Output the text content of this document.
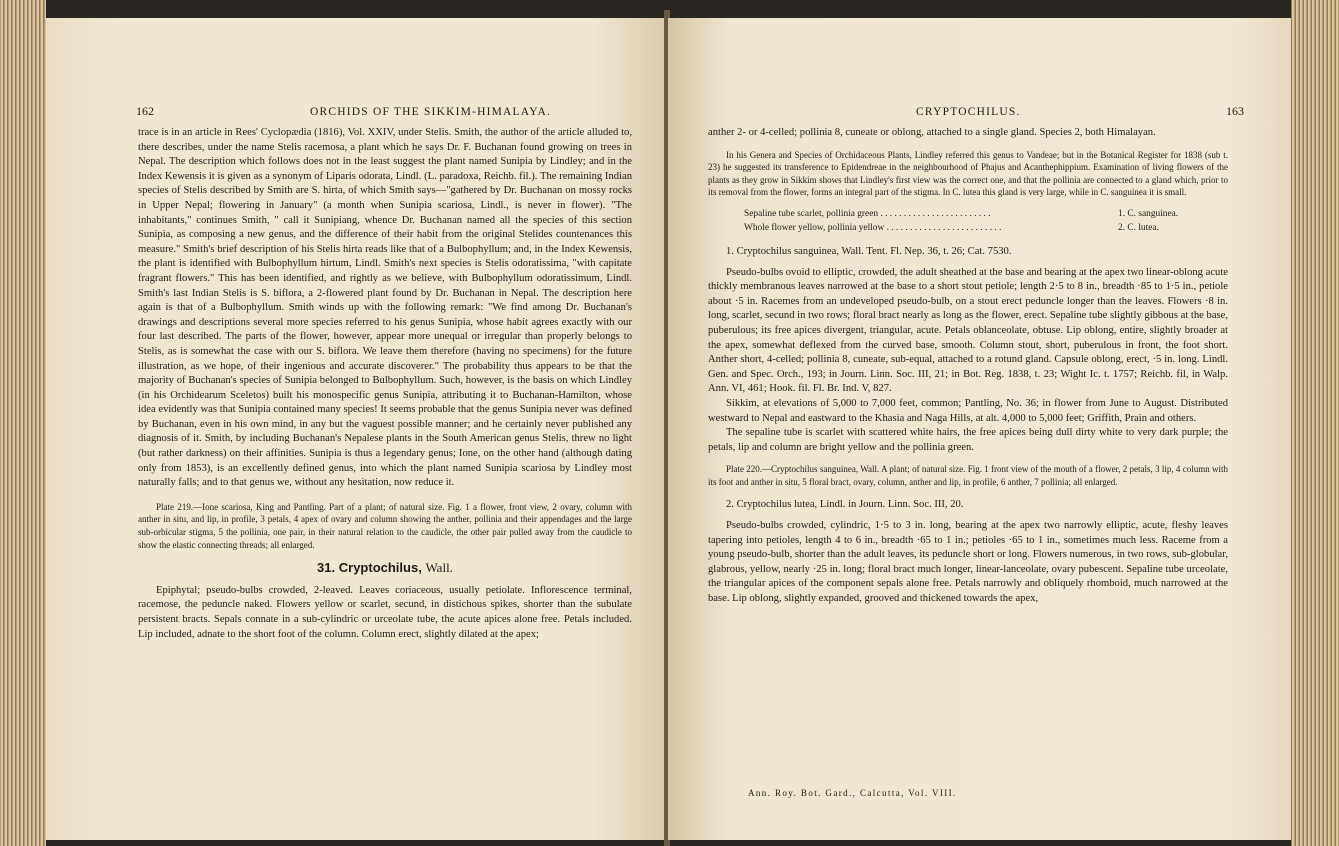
162	ORCHIDS OF THE SIKKIM-HIMALAYA.

trace is in an article in Rees' Cyclopædia (1816), Vol. XXIV, under Stelis. Smith, the author of the article alluded to, there describes, under the name Stelis racemosa, a plant which he says Dr. F. Buchanan found growing on trees in Nepal. The description which follows does not in the least suggest the plant named Sunipia by Lindley; and in the Index Kewensis it is given as a synonym of Liparis odorata, Lindl. (L. paradoxa, Reichb. fil.). The remaining Indian species of Stelis described by Smith are S. hirta, of which Smith says—"gathered by Dr. Buchanan on mossy rocks in Upper Nepal; flowering in January" (a month when Sunipia scariosa, Lindl., is never in flower). "The inhabitants," continues Smith, " call it Sunipiang, whence Dr. Buchanan named all the species of this section Sunipia, as composing a new genus, and the difference of their habit from the original Stelides countenances this measure." Smith's brief description of his Stelis hirta reads like that of a Bulbophyllum; and, in the Index Kewensis, the plant is identified with Bulbophyllum hirtum, Lindl. Smith's next species is Stelis odoratissima, "with capitate fragrant flowers." This has been identified, and rightly as we believe, with Bulbophyllum odoratissimum, Lindl. Smith's last Indian Stelis is S. biflora, a 2-flowered plant found by Dr. Buchanan in Nepal. The description here again is that of a Bulbophyllum. Smith winds up with the following remark: "We find among Dr. Buchanan's drawings and descriptions several more species referred to his genus Sunipia, whose habit agrees exactly with our four last described. The parts of the flower, however, appear more unequal or irregular than properly belongs to Stelis, as is somewhat the case with our S. biflora. We leave them therefore (having no specimens) for the future illustration, as we hope, of their ingenious and accurate discoverer." The probability thus appears to be that the majority of Buchanan's species of Sunipia belonged to Bulbophyllum. Such, however, is the basis on which Lindley (in his Orchidearum Sceletos) built his monospecific genus Sunipia, attributing it to Buchanan-Hamilton, whose idea evidently was that Sunipia contained many species! It seems probable that the genus Sunipia never was defined by Buchanan, even in his own mind, in any but the vaguest possible manner; and he certainly never published any diagnosis of it. Smith, by including Buchanan's Nepalese plants in the South American genus Stelis, threw no light (but rather darkness) on their affinities. Sunipia is thus a legendary genus; Ione, on the other hand (although dating only from 1853), is an excellently defined genus, into which the plant named Sunipia scariosa by Lindley most naturally falls; and to that genus we, without any hesitation, now reduce it.

Plate 219.—Ione scariosa, King and Pantling. Part of a plant; of natural size. Fig. 1 a flower, front view, 2 ovary, column with anther in situ, and lip, in profile, 3 petals, 4 apex of ovary and column showing the anther, pollinia and their appendages and the large sub-orbicular stigma, 5 the pollinia, one pair, in their natural relation to the caudicle, the other pair pulled away from the caudicle to show the elastic connecting threads; all enlarged.

31. Cryptochilus, Wall.

Epiphytal; pseudo-bulbs crowded, 2-leaved. Leaves coriaceous, usually petiolate. Inflorescence terminal, racemose, the peduncle naked. Flowers yellow or scarlet, secund, in distichous spikes, shorter than the subulate persistent bracts. Sepals connate in a sub-cylindric or urceolate tube, the acute apices alone free. Petals included. Lip included, adnate to the short foot of the column. Column erect, slightly dilated at the apex;

CRYPTOCHILUS.	163

anther 2- or 4-celled; pollinia 8, cuneate or oblong, attached to a single gland. Species 2, both Himalayan.

In his Genera and Species of Orchidaceous Plants, Lindley referred this genus to Vandeae; but in the Botanical Register for 1838 (sub t. 23) he suggested its transference to Epidendreae in the neighbourhood of Phajus and Acanthephippium. Examination of living flowers of the plants as they grow in Sikkim shows that Lindley's first view was the correct one, and that the pollinia are connected to a gland which, prior to its removal from the flower, forms an integral part of the stigma. In C. lutea this gland is very large, while in C. sanguinea it is small.

Sepaline tube scarlet, pollinia green . . . . . . . . . . . . . . . . . . . . . . . .	1. C. sanguinea.
Whole flower yellow, pollinia yellow . . . . . . . . . . . . . . . . . . . . . . . . .	2. C. lutea.

1. Cryptochilus sanguinea, Wall. Tent. Fl. Nep. 36, t. 26; Cat. 7530.

Pseudo-bulbs ovoid to elliptic, crowded, the adult sheathed at the base and bearing at the apex two linear-oblong acute thickly membranous leaves narrowed at the base to a short stout petiole; length 2·5 to 8 in., breadth ·85 to 1·5 in., petiole about ·5 in. Racemes from an undeveloped pseudo-bulb, on a stout erect peduncle longer than the leaves. Flowers ·8 in. long, scarlet, secund in two rows; floral bract nearly as long as the flower, erect. Sepaline tube slightly gibbous at the base, puberulous; its free apices divergent, triangular, acute. Petals oblanceolate, obtuse. Lip oblong, entire, slightly broader at the apex, somewhat deflexed from the curved base, smooth. Column stout, short, puberulous in front, the foot short. Anther short, 4-celled; pollinia 8, cuneate, sub-equal, attached to a rotund gland. Capsule oblong, erect, ·5 in. long. Lindl. Gen. and Spec. Orch., 193; in Journ. Linn. Soc. III, 21; in Bot. Reg. 1838, t. 23; Wight Ic. t. 1757; Reichb. fil, in Walp. Ann. VI, 461; Hook. fil. Fl. Br. Ind. V, 827.

Sikkim, at elevations of 5,000 to 7,000 feet, common; Pantling, No. 36; in flower from June to August. Distributed westward to Nepal and eastward to the Khasia and Naga Hills, at alt. 4,000 to 5,000 feet; Griffith, Prain and others.

The sepaline tube is scarlet with scattered white hairs, the free apices being dull dirty white to very dark purple; the petals, lip and column are bright yellow and the pollinia green.

Plate 220.—Cryptochilus sanguinea, Wall. A plant; of natural size. Fig. 1 front view of the mouth of a flower, 2 petals, 3 lip, 4 column with its foot and anther in situ, 5 floral bract, ovary, column, anther and lip, in profile, 6 anther, 7 pollinia; all enlarged.

2. Cryptochilus lutea, Lindl. in Journ. Linn. Soc. III, 20.

Pseudo-bulbs crowded, cylindric, 1·5 to 3 in. long, bearing at the apex two narrowly elliptic, acute, fleshy leaves tapering into petioles, length 4 to 6 in., breadth ·65 to 1 in.; petioles ·65 to 1 in., sometimes much less. Raceme from a young pseudo-bulb, shorter than the adult leaves, its peduncle short or long. Flowers numerous, in two rows, sub-globular, glabrous, yellow, nearly ·25 in. long; floral bract much longer, linear-lanceolate, ovary pubescent. Sepaline tube urceolate, the triangular apices of the component sepals alone free. Petals narrowly and obliquely rhomboid, much narrowed at the base. Lip oblong, slightly expanded, grooved and thickened towards the apex,

Ann. Roy. Bot. Gard., Calcutta, Vol. VIII.
